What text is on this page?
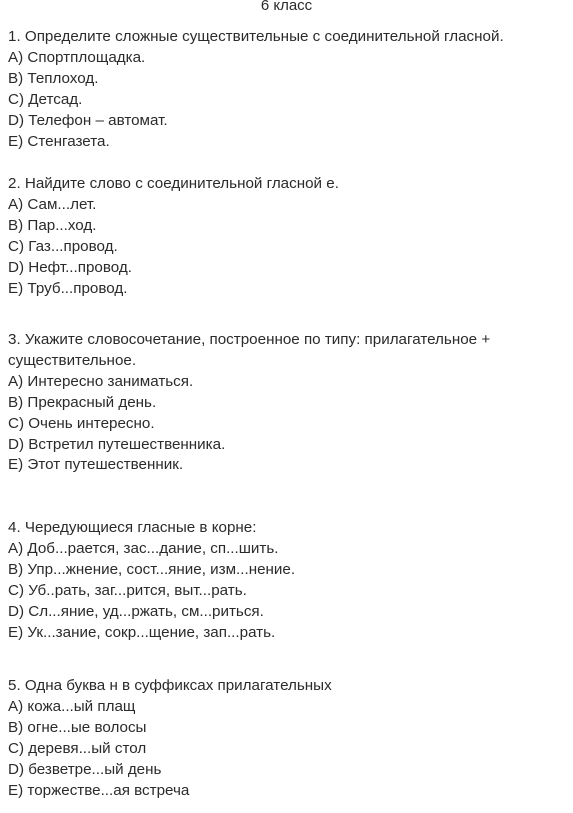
6 класс
1. Определите сложные существительные с соединительной гласной.
А) Спортплощадка.
В) Теплоход.
С) Детсад.
D) Телефон – автомат.
Е) Стенгазета.
2. Найдите слово с соединительной гласной е.
А) Сам...лет.
В) Пар...ход.
С) Газ...провод.
D) Нефт...провод.
Е) Труб...провод.
3. Укажите словосочетание, построенное по типу: прилагательное +
существительное.
А) Интересно заниматься.
В) Прекрасный день.
С) Очень интересно.
D) Встретил путешественника.
Е) Этот путешественник.
4. Чередующиеся гласные в корне:
А) Доб...рается, зас...дание, сп...шить.
В) Упр...жнение, сост...яние, изм...нение.
С) Уб..рать, заг...рится, выт...рать.
D) Сл...яние, уд...ржать, см...риться.
Е) Ук...зание, сокр...щение, зап...рать.
5. Одна буква н в суффиксах прилагательных
А) кожа...ый плащ
В) огне...ые волосы
С) деревя...ый стол
D) безветре...ый день
Е) торжестве...ая встреча
